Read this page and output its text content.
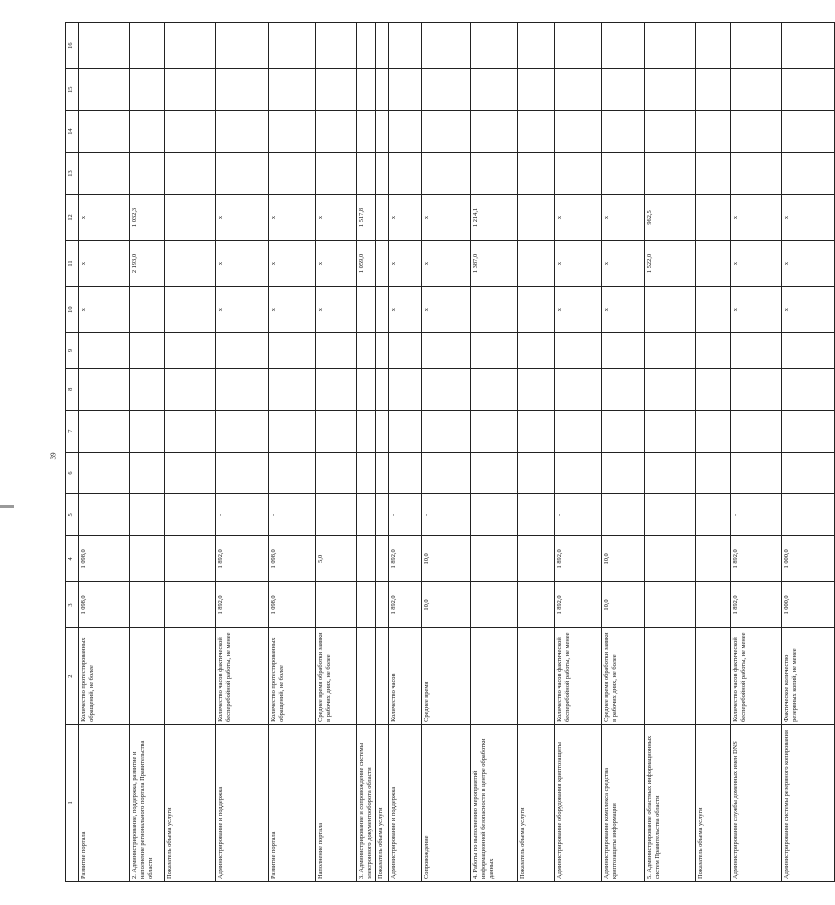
39
1	2	3	4	5	6	7	8	9	10	11	12	13	14	15	16
Развитие портала	Количество протестированных обращений, не более	1 098,0	1 098,0						x	x	x				
2. Администрирование, поддержка, развитие и наполнение регионального портала Правительства области										2 193,0	1 032,3				
Показатель объема услуги															
Администрирование и поддержка	Количество часов фактической бесперебойной работы, не менее	1 892,0	1 892,0	-					x	x	x				
Развитие портала	Количество протестированных обращений, не более	1 098,0	1 098,0	-					x	x	x				
Наполнение портала	Среднее время обработки заявки в рабочих днях, не более		5,0						x	x	x				
3. Администрирование и сопровождение системы электронного документооборота области										1 059,0	1 517,8				
Показатель объема услуги															
Администрирование и поддержка	Количество часов	1 892,0	1 892,0	-					x	x	x				
Сопровождение	Среднее время	10,0	10,0	-					x	x	x				
4. Работы по выполнению мероприятий информационной безопасности в центре обработки данных										1 387,0	1 214,1				
Показатель объема услуги															
Администрирование оборудования криптозащиты	Количество часов фактической бесперебойной работы, не менее	1 892,0	1 892,0	-					x	x	x				
Администрирование комплекса средства криптозащиты информации	Среднее время обработки заявки в рабочих днях, не более	10,0	10,0						x	x	x				
5. Администрирование областных информационных систем Правительства области										1 522,0	962,5				
Показатель объема услуги															
Администрирование службы доменных имен DNS	Количество часов фактической бесперебойной работы, не менее	1 892,0	1 892,0	-					x	x	x				
Администрирование системы резервного копирования	Фактическое количество резервных копий, не менее	1 000,0	1 000,0						x	x	x				
